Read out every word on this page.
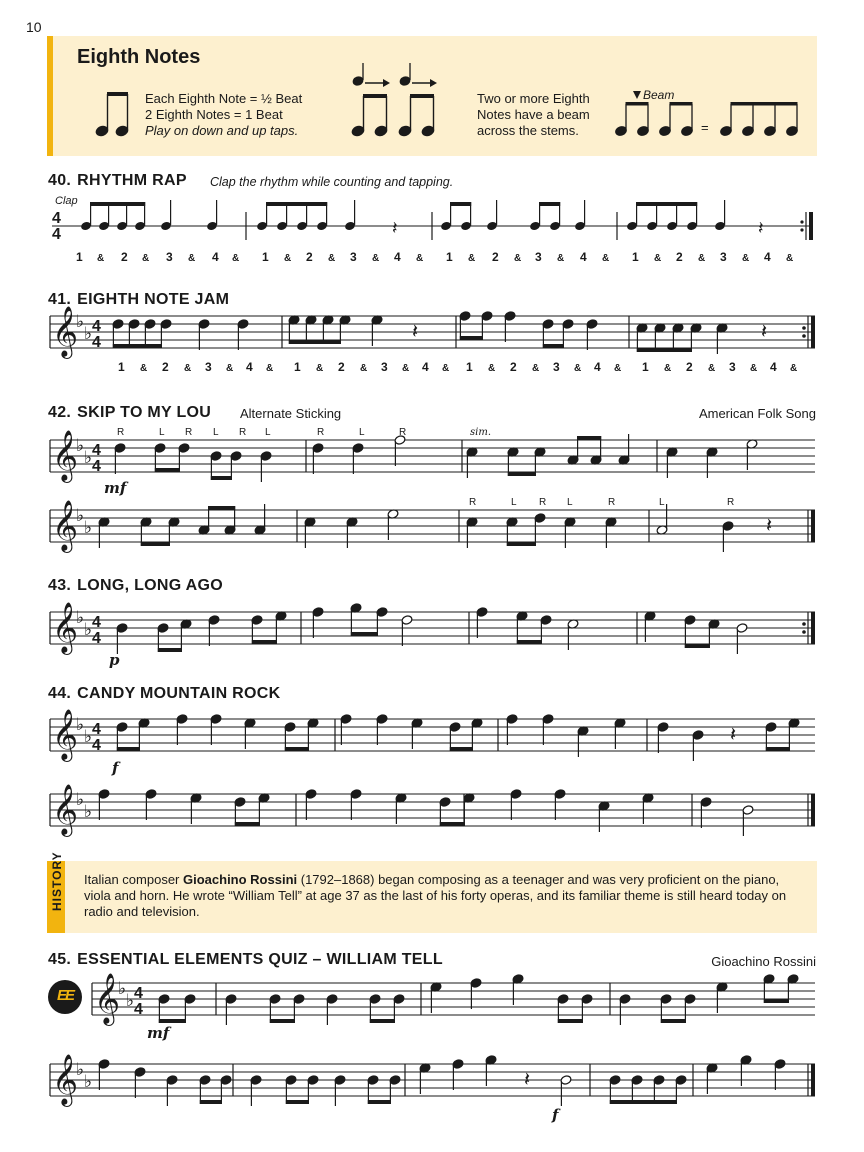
10
Eighth Notes
1 &
Each Eighth Note = ½ Beat
2 Eighth Notes = 1 Beat
Play on down and up taps.	1 & 2 &
Two or more Eighth
Notes have a beam
across the stems.
Beam
=
40. RHYTHM RAP Clap the rhythm while counting and tapping.
Clap
41. EIGHTH NOTE JAM
42. SKIP TO MY LOU Alternate Sticking	American Folk Song
43. LONG, LONG AGO
44. CANDY MOUNTAIN ROCK
45. ESSENTIAL ELEMENTS QUIZ – WILLIAM TELL	Gioachino Rossini
HISTORY Italian composer Gioachino Rossini (1792–1868) began composing as a teenager and was very proficient on the piano, viola and horn. He wrote “William Tell” at age 37 as the last of his forty operas, and its familiar theme is still heard today on radio and television.
EE
4
4	𝄽	𝄽
1 & 2 & 3 & 4 & 1 & 2 & 3 & 4 & 1 & 2 & 3 & 4 & 1 & 2 & 3 & 4 &
𝄞
♭
♭ 4
4	𝄽	𝄽
1 & 2 & 3 & 4 & 1 & 2 & 3 & 4 & 1 & 2 & 3 & 4 & 1 & 2 & 3 & 4 &
𝄞
♭
♭ 4
4
R	L R L R L	R	L	R	sim.
mf
𝄞
♭
♭	𝄽
R	L R L	R	L	R
𝄞
♭
♭ 4
4
p
𝄞
♭
♭ 4
4	𝄽
f
𝄞
♭
♭
𝄞
♭
♭ 4
4
mf
𝄞
♭
♭	𝄽
f
